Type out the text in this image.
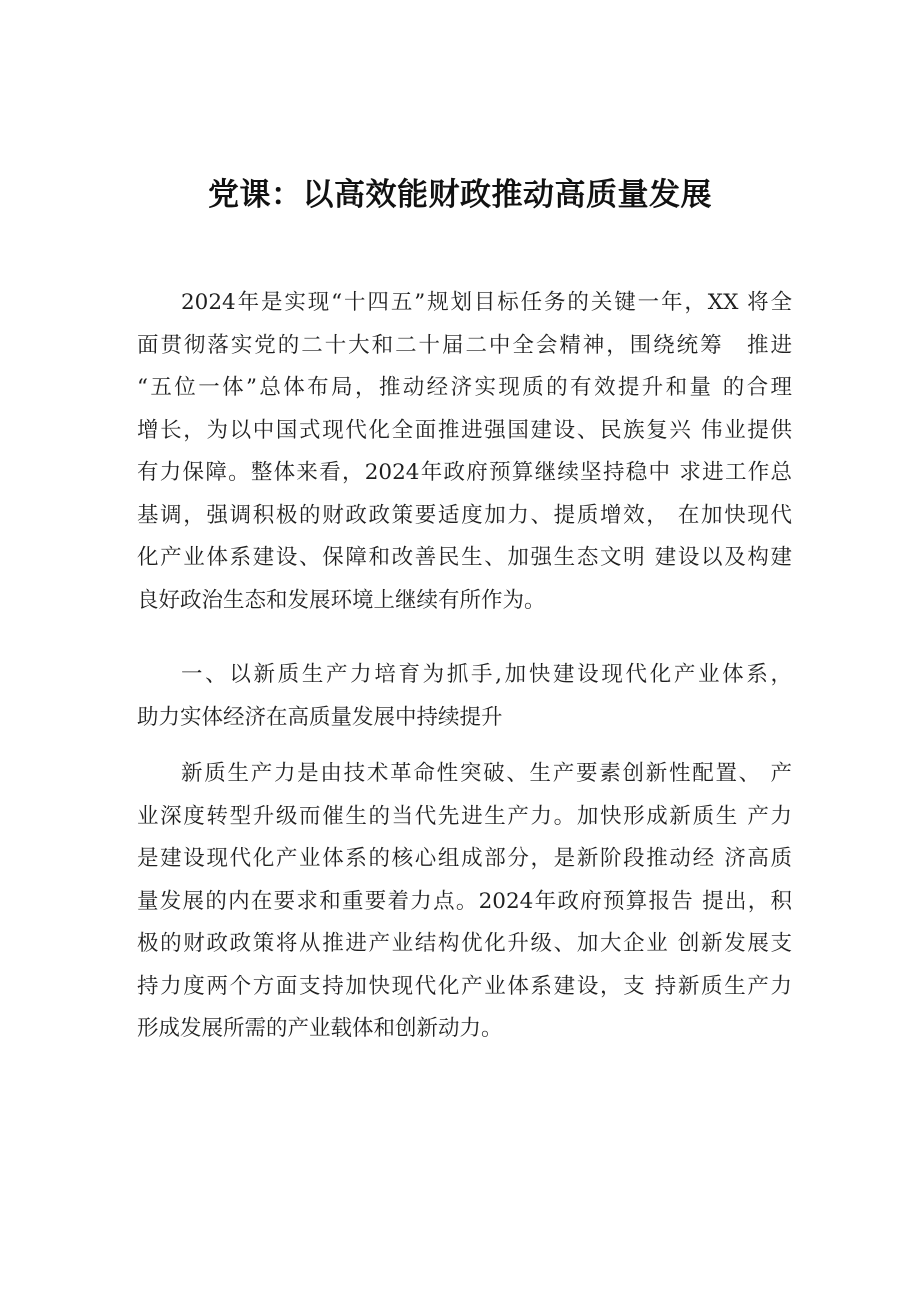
党课：以高效能财政推动高质量发展
2024年是实现“十四五”规划目标任务的关键一年，XX 将全
面贯彻落实党的二十大和二十届二中全会精神，围绕统筹　推进
“五位一体”总体布局，推动经济实现质的有效提升和量 的合理
增长，为以中国式现代化全面推进强国建设、民族复兴 伟业提供
有力保障。整体来看，2024年政府预算继续坚持稳中 求进工作总
基调，强调积极的财政政策要适度加力、提质增效， 在加快现代
化产业体系建设、保障和改善民生、加强生态文明 建设以及构建
良好政治生态和发展环境上继续有所作为。
一、以新质生产力培育为抓手,加快建设现代化产业体系，
助力实体经济在高质量发展中持续提升
新质生产力是由技术革命性突破、生产要素创新性配置、 产
业深度转型升级而催生的当代先进生产力。加快形成新质生 产力
是建设现代化产业体系的核心组成部分，是新阶段推动经 济高质
量发展的内在要求和重要着力点。2024年政府预算报告 提出，积
极的财政政策将从推进产业结构优化升级、加大企业 创新发展支
持力度两个方面支持加快现代化产业体系建设，支 持新质生产力
形成发展所需的产业载体和创新动力。
